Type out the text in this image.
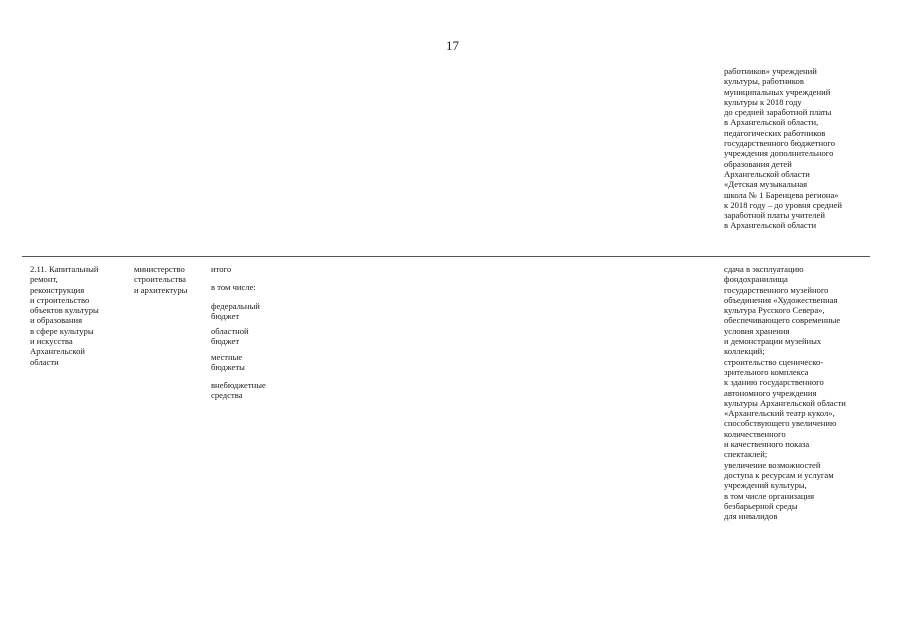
17
работников» учреждений
культуры, работников
муниципальных учреждений
культуры к 2018 году
до средней заработной платы
в Архангельской области,
педагогических работников
государственного бюджетного
учреждения дополнительного
образования детей
Архангельской области
«Детская музыкальная
школа № 1 Баренцева региона»
к 2018 году – до уровня средней
заработной платы учителей
в Архангельской области
2.11. Капитальный
ремонт,
реконструкция
и строительство
объектов культуры
и образования
в сфере культуры
и искусства
Архангельской
области
министерство
строительства
и архитектуры
итого
в том числе:
федеральный
бюджет
областной
бюджет
местные
бюджеты
внебюджетные
средства
сдача в эксплуатацию
фондохранилища
государственного музейного
объединения «Художественная
культура Русского Севера»,
обеспечивающего современные
условия хранения
и демонстрации музейных
коллекций;
строительство сценическо-
зрительного комплекса
к зданию государственного
автономного учреждения
культуры Архангельской области
«Архангельский театр кукол»,
способствующего увеличению
количественного
и качественного показа
спектаклей;
увеличение возможностей
доступа к ресурсам и услугам
учреждений культуры,
в том числе организация
безбарьерной среды
для инвалидов
